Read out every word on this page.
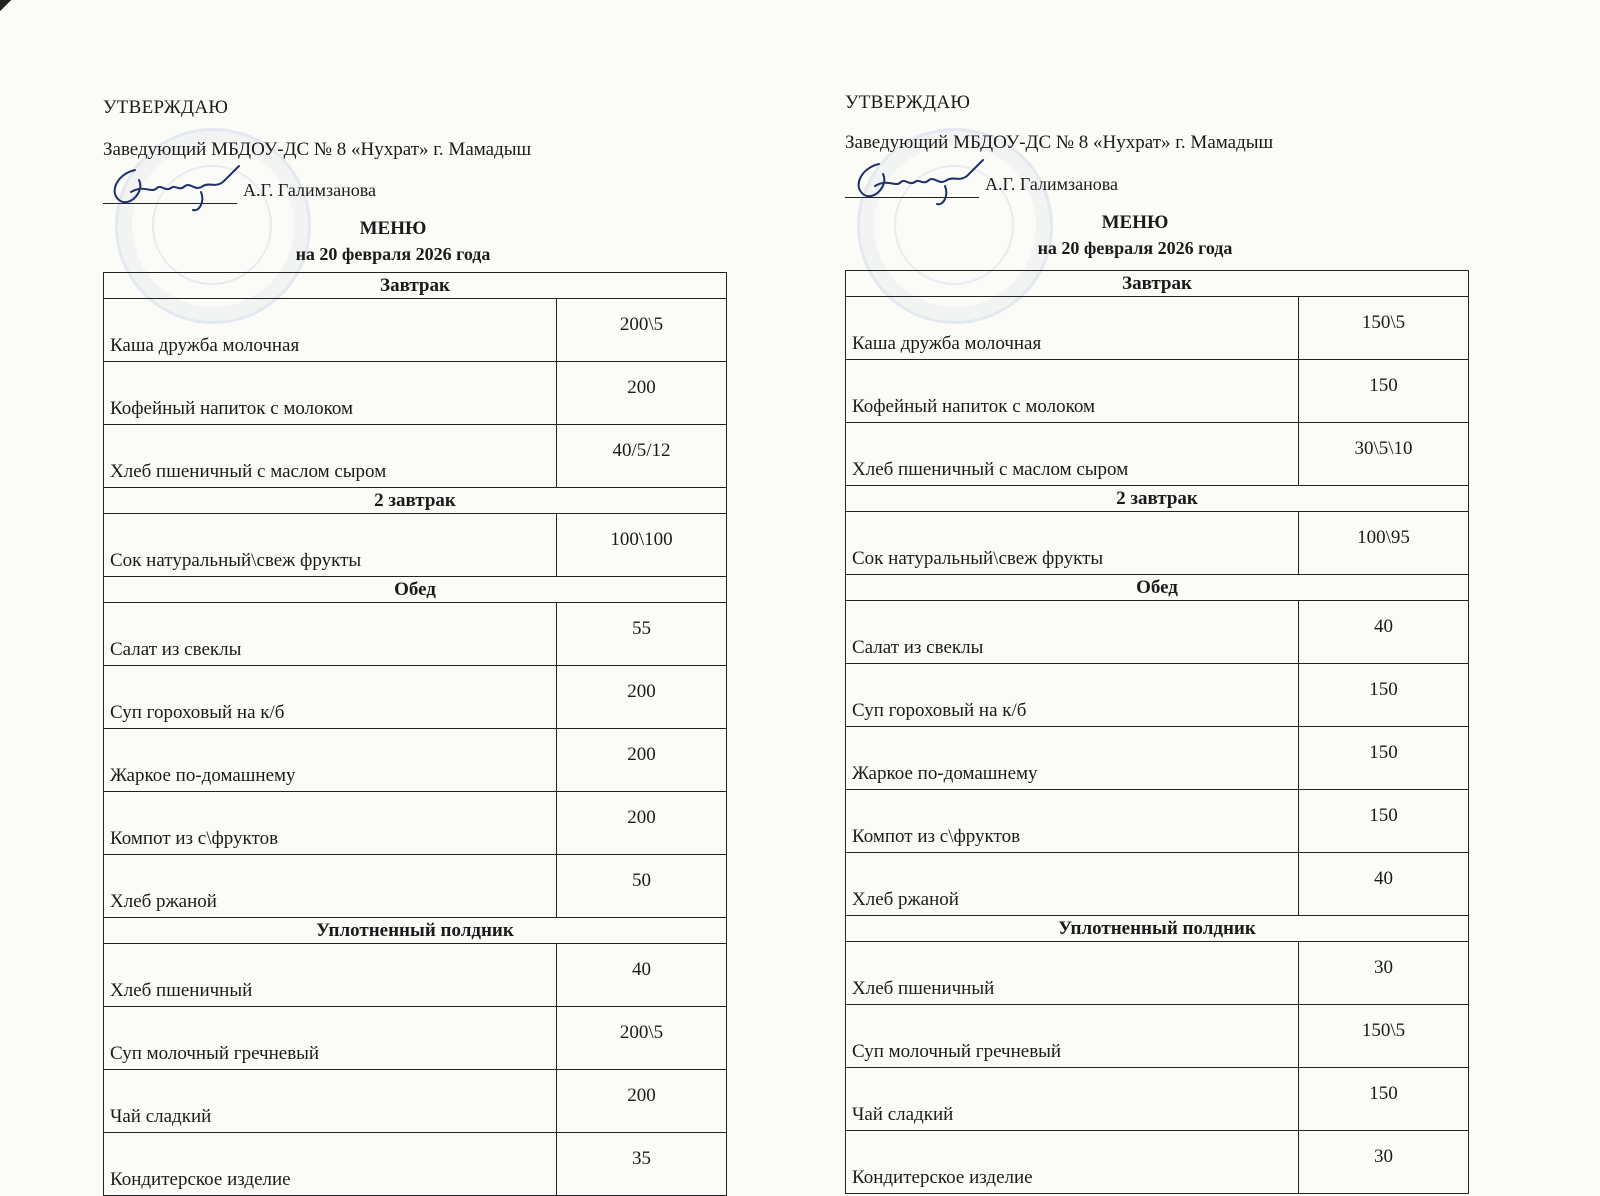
УТВЕРЖДАЮ

Заведующий МБДОУ-ДС № 8 «Нухрат» г. Мамадыш

А.Г. Галимзанова

МЕНЮ

на 20 февраля 2026 года

Завтрак	
Каша дружба молочная	200\5
Кофейный напиток с молоком	200
Хлеб пшеничный с маслом сыром	40/5/12
2 завтрак	
Сок натуральный\свеж фрукты	100\100
Обед	
Салат из свеклы	55
Суп гороховый на к/б	200
Жаркое по-домашнему	200
Компот из с\фруктов	200
Хлеб ржаной	50
Уплотненный полдник	
Хлеб пшеничный	40
Суп молочный гречневый	200\5
Чай сладкий	200
Кондитерское изделие	35

УТВЕРЖДАЮ

Заведующий МБДОУ-ДС № 8 «Нухрат» г. Мамадыш

А.Г. Галимзанова

МЕНЮ

на 20 февраля 2026 года

Завтрак	
Каша дружба молочная	150\5
Кофейный напиток с молоком	150
Хлеб пшеничный с маслом сыром	30\5\10
2 завтрак	
Сок натуральный\свеж фрукты	100\95
Обед	
Салат из свеклы	40
Суп гороховый на к/б	150
Жаркое по-домашнему	150
Компот из с\фруктов	150
Хлеб ржаной	40
Уплотненный полдник	
Хлеб пшеничный	30
Суп молочный гречневый	150\5
Чай сладкий	150
Кондитерское изделие	30
